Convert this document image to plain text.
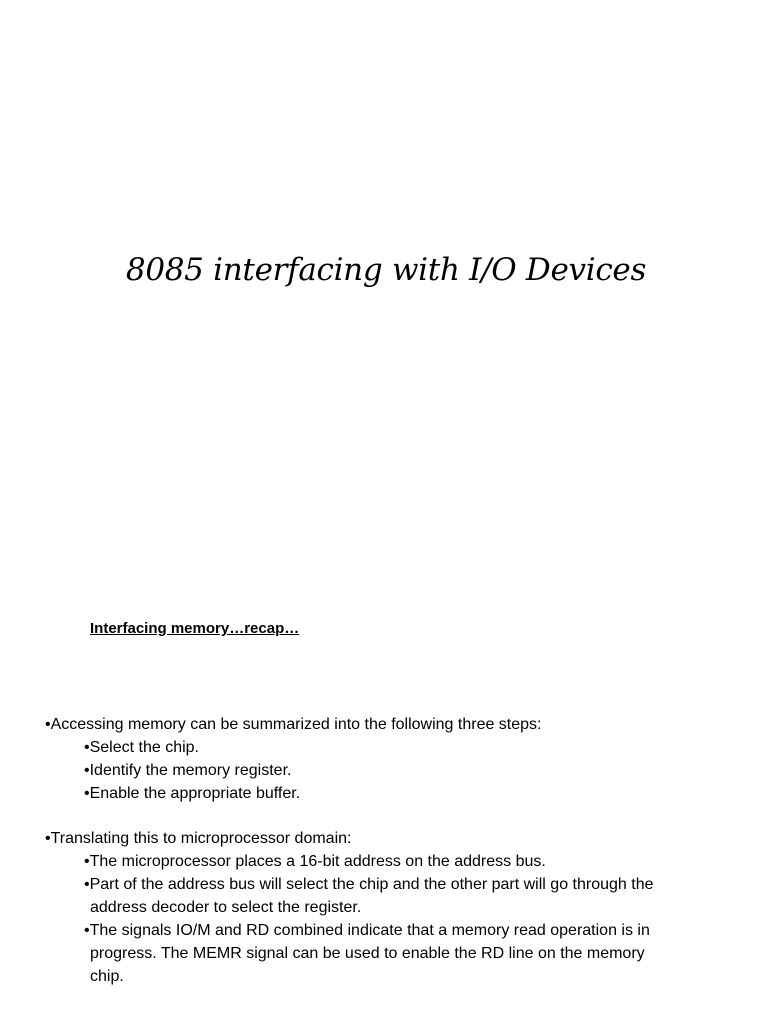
8085 interfacing with I/O Devices
Interfacing memory…recap…
•Accessing memory can be summarized into the following three steps:
•Select the chip.
•Identify the memory register.
•Enable the appropriate buffer.
•Translating this to microprocessor domain:
•The microprocessor places a 16-bit address on the address bus.
•Part of the address bus will select the chip and the other part will go through the
address decoder to select the register.
•The signals IO/M and RD combined indicate that a memory read operation is in
progress. The MEMR signal can be used to enable the RD line on the memory
chip.
